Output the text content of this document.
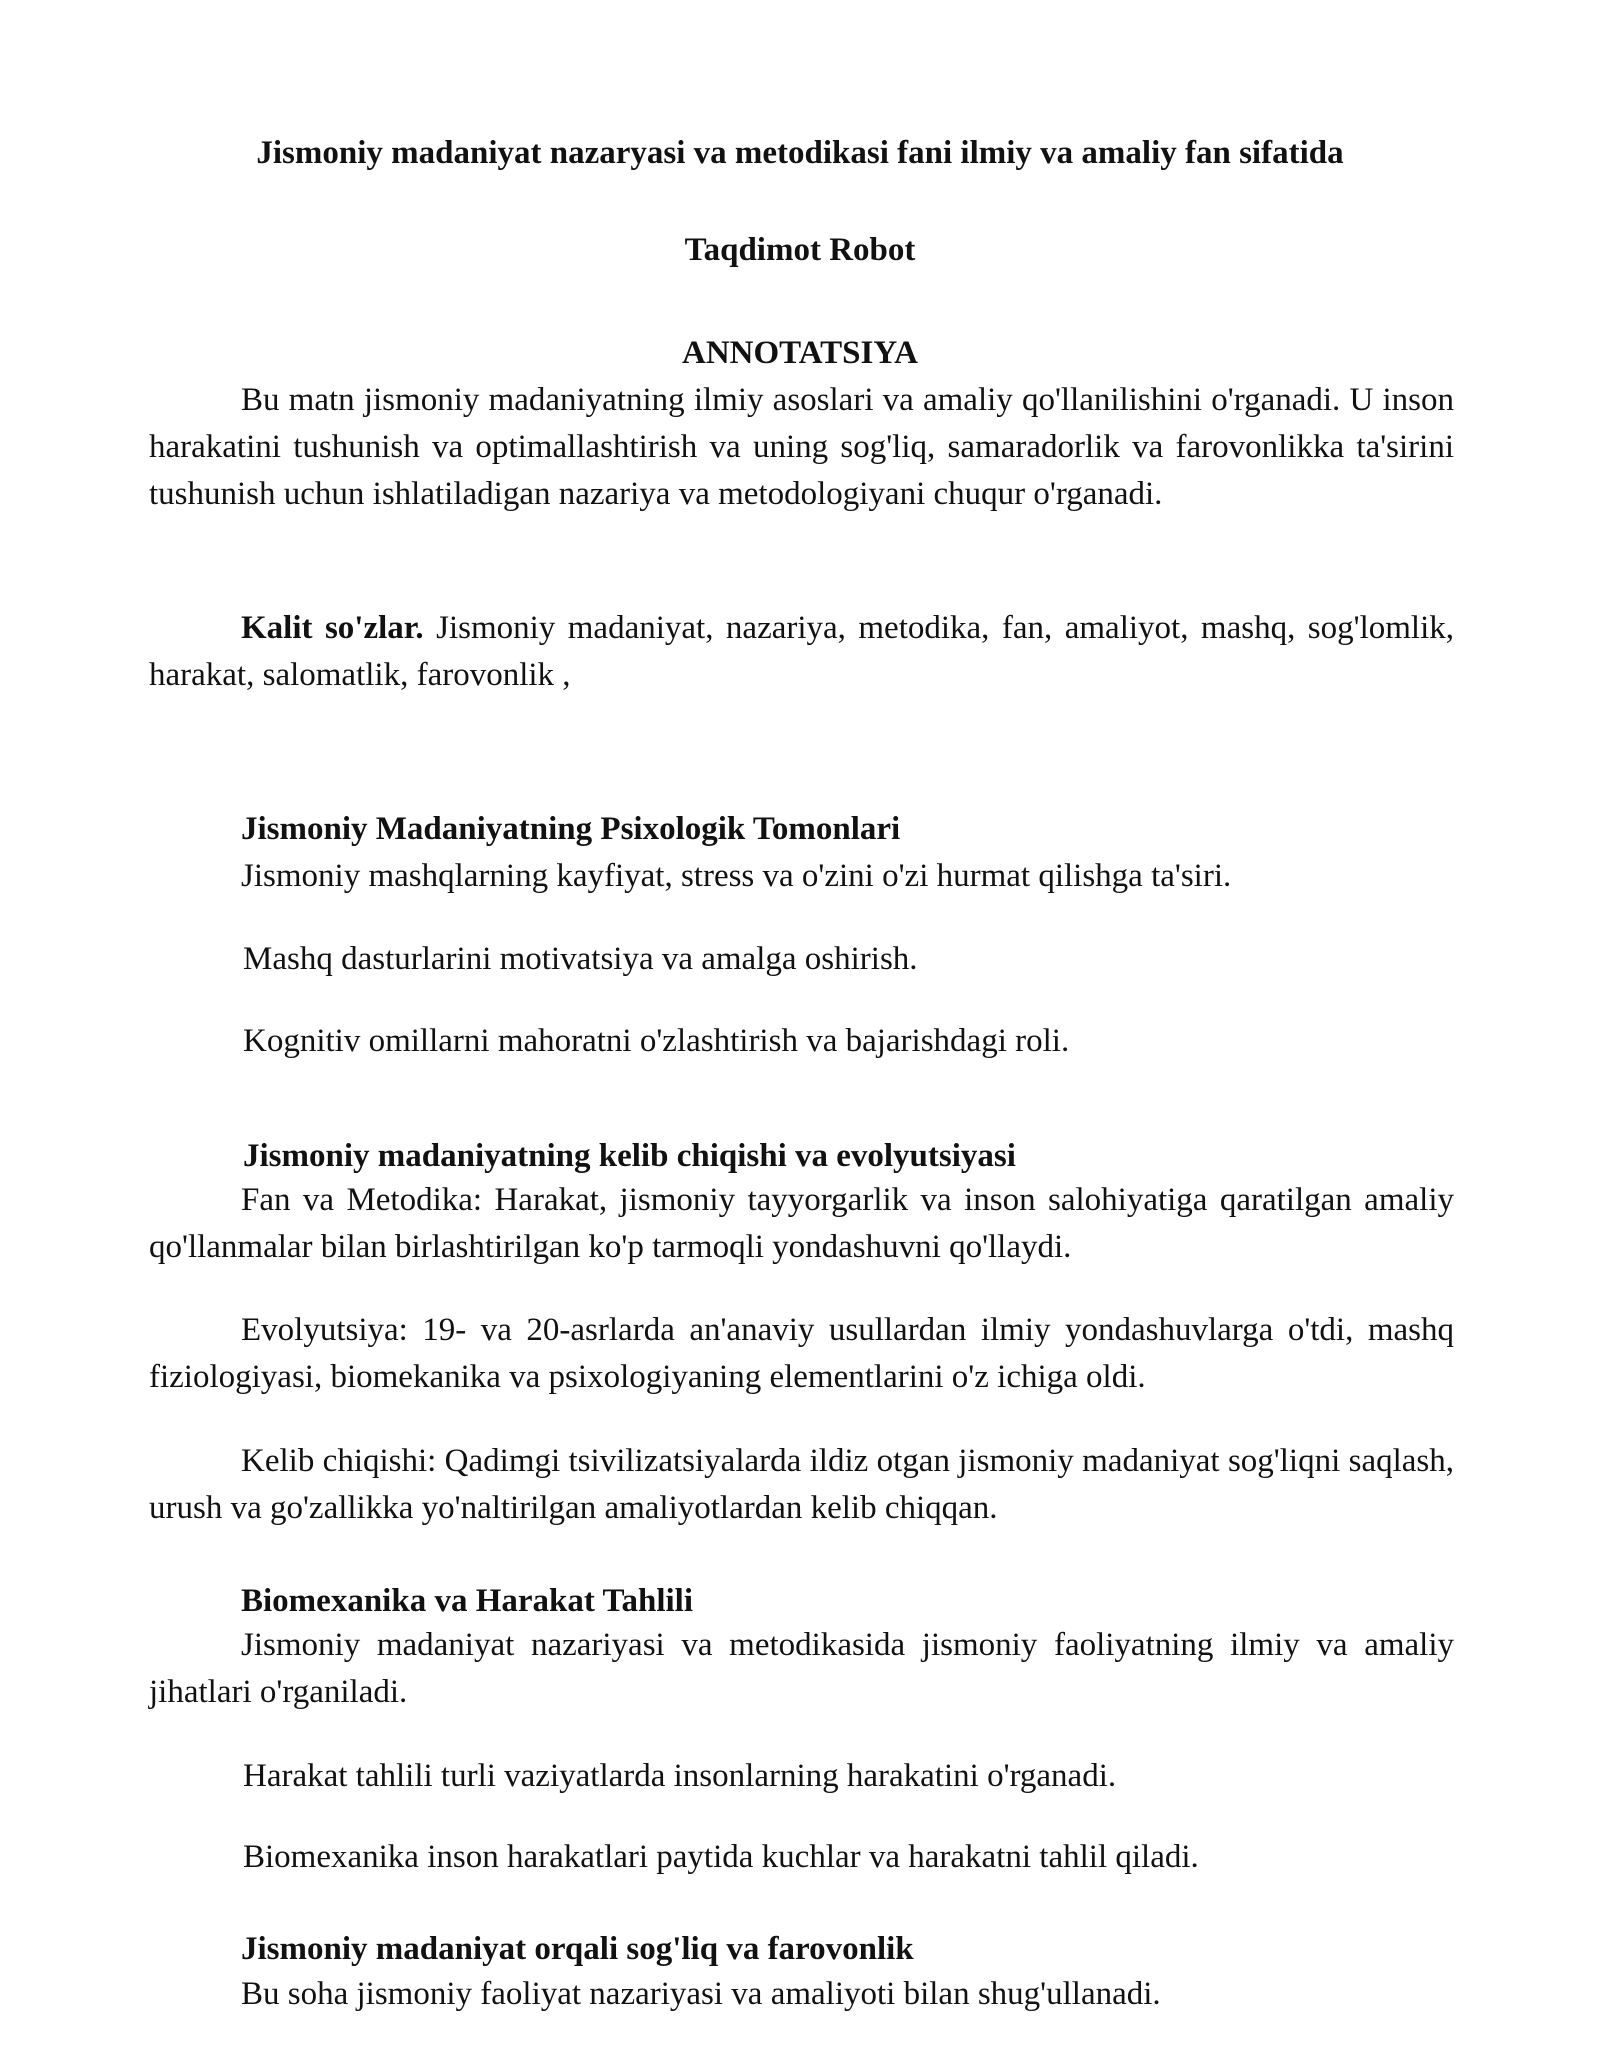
Jismoniy madaniyat nazaryasi va metodikasi fani ilmiy va amaliy fan sifatida

Taqdimot Robot

ANNOTATSIYA

Bu matn jismoniy madaniyatning ilmiy asoslari va amaliy qo'llanilishini o'rganadi. U inson harakatini tushunish va optimallashtirish va uning sog'liq, samaradorlik va farovonlikka ta'sirini tushunish uchun ishlatiladigan nazariya va metodologiyani chuqur o'rganadi.

Kalit so'zlar. Jismoniy madaniyat, nazariya, metodika, fan, amaliyot, mashq, sog'lomlik, harakat, salomatlik, farovonlik ,

Jismoniy Madaniyatning Psixologik Tomonlari

Jismoniy mashqlarning kayfiyat, stress va o'zini o'zi hurmat qilishga ta'siri.

Mashq dasturlarini motivatsiya va amalga oshirish.

Kognitiv omillarni mahoratni o'zlashtirish va bajarishdagi roli.

Jismoniy madaniyatning kelib chiqishi va evolyutsiyasi

Fan va Metodika: Harakat, jismoniy tayyorgarlik va inson salohiyatiga qaratilgan amaliy qo'llanmalar bilan birlashtirilgan ko'p tarmoqli yondashuvni qo'llaydi.

Evolyutsiya: 19- va 20-asrlarda an'anaviy usullardan ilmiy yondashuvlarga o'tdi, mashq fiziologiyasi, biomekanika va psixologiyaning elementlarini o'z ichiga oldi.

Kelib chiqishi: Qadimgi tsivilizatsiyalarda ildiz otgan jismoniy madaniyat sog'liqni saqlash, urush va go'zallikka yo'naltirilgan amaliyotlardan kelib chiqqan.

Biomexanika va Harakat Tahlili

Jismoniy madaniyat nazariyasi va metodikasida jismoniy faoliyatning ilmiy va amaliy jihatlari o'rganiladi.

Harakat tahlili turli vaziyatlarda insonlarning harakatini o'rganadi.

Biomexanika inson harakatlari paytida kuchlar va harakatni tahlil qiladi.

Jismoniy madaniyat orqali sog'liq va farovonlik

Bu soha jismoniy faoliyat nazariyasi va amaliyoti bilan shug'ullanadi.
